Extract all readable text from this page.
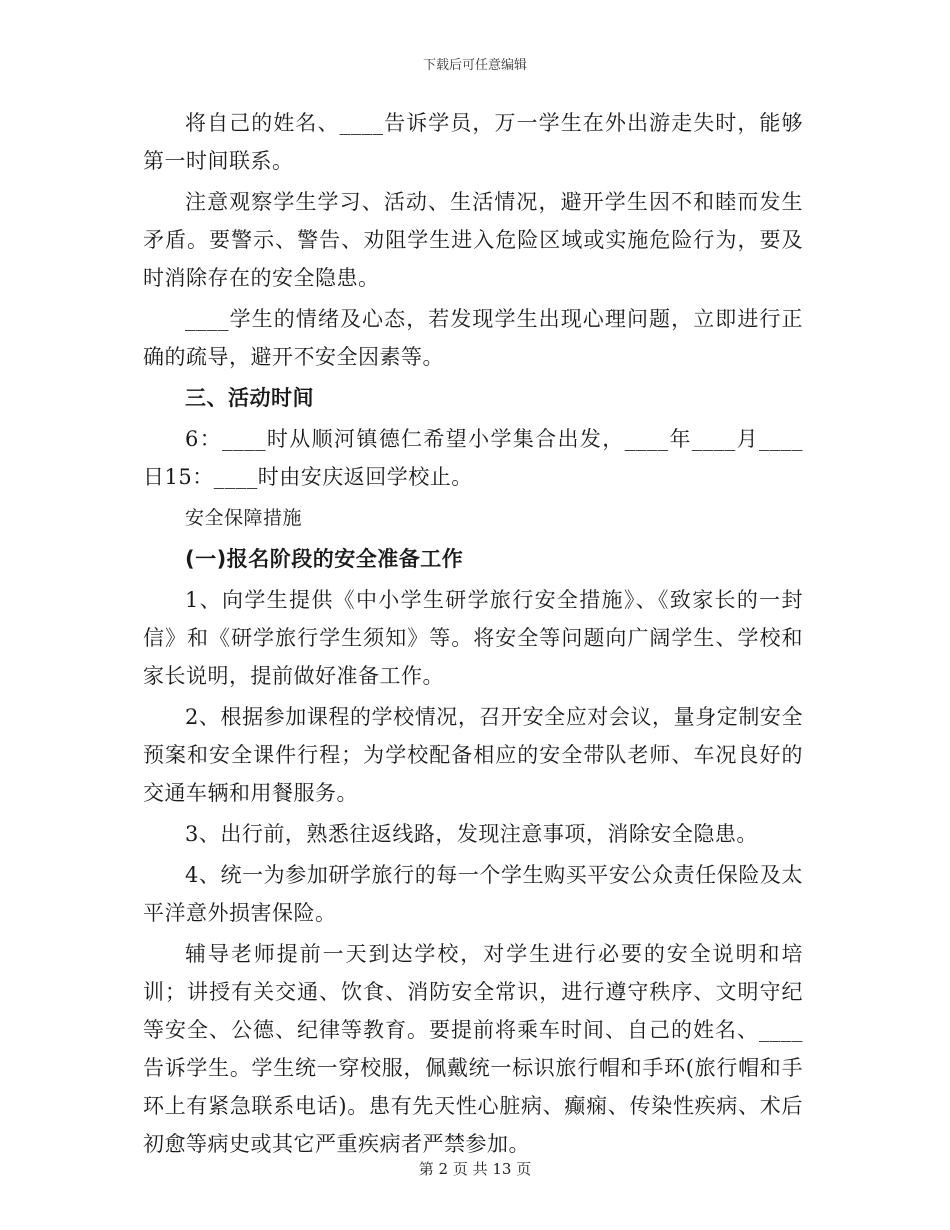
下载后可任意编辑

将自己的姓名、____告诉学员，万一学生在外出游走失时，能够第一时间联系。

注意观察学生学习、活动、生活情况，避开学生因不和睦而发生矛盾。要警示、警告、劝阻学生进入危险区域或实施危险行为，要及时消除存在的安全隐患。

____学生的情绪及心态，若发现学生出现心理问题，立即进行正确的疏导，避开不安全因素等。

三、活动时间

6：____时从顺河镇德仁希望小学集合出发，____年____月____日15：____时由安庆返回学校止。

安全保障措施

(一)报名阶段的安全准备工作

1、向学生提供《中小学生研学旅行安全措施》、《致家长的一封信》和《研学旅行学生须知》等。将安全等问题向广阔学生、学校和家长说明，提前做好准备工作。

2、根据参加课程的学校情况，召开安全应对会议，量身定制安全预案和安全课件行程；为学校配备相应的安全带队老师、车况良好的交通车辆和用餐服务。

3、出行前，熟悉往返线路，发现注意事项，消除安全隐患。

4、统一为参加研学旅行的每一个学生购买平安公众责任保险及太平洋意外损害保险。

辅导老师提前一天到达学校，对学生进行必要的安全说明和培训；讲授有关交通、饮食、消防安全常识，进行遵守秩序、文明守纪等安全、公德、纪律等教育。要提前将乘车时间、自己的姓名、____告诉学生。学生统一穿校服，佩戴统一标识旅行帽和手环(旅行帽和手环上有紧急联系电话)。患有先天性心脏病、癫痫、传染性疾病、术后初愈等病史或其它严重疾病者严禁参加。

第 2 页 共 13 页
